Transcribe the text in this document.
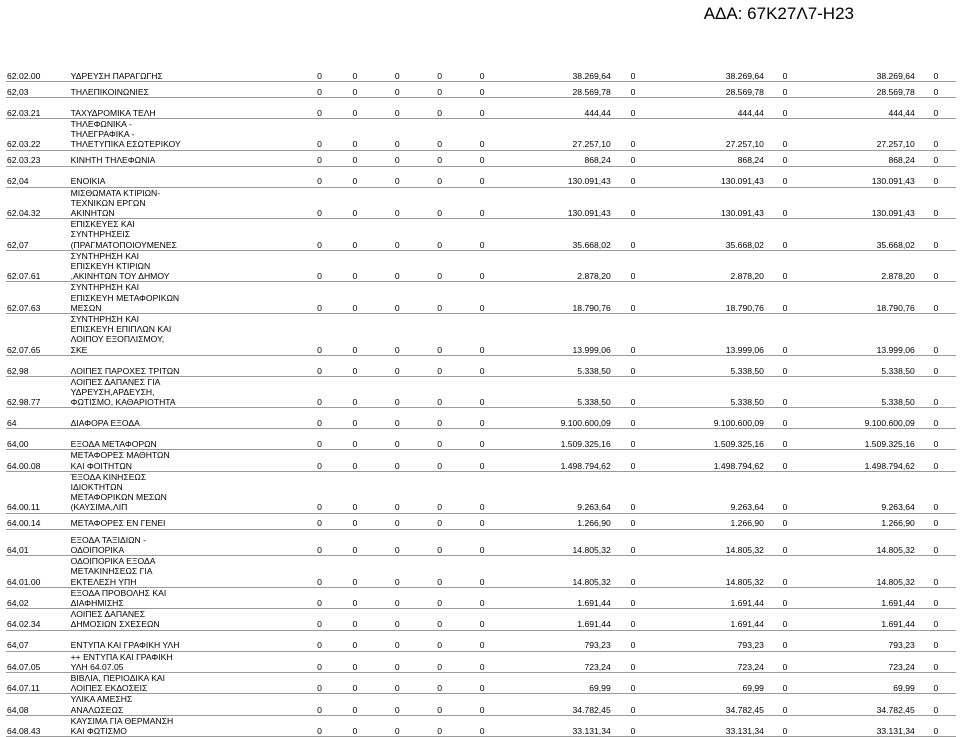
ΑΔΑ: 67Κ27Λ7-Η23
62.02.00	ΥΔΡΕΥΣΗ ΠΑΡΑΓΩΓΗΣ	0	0	0	0	0	38.269,64	0	38.269,64	0	38.269,64	0
62,03	ΤΗΛΕΠΙΚΟΙΝΩΝΙΕΣ	0	0	0	0	0	28.569,78	0	28.569,78	0	28.569,78	0

62.03.21	ΤΑΧΥΔΡΟΜΙΚΑ ΤΕΛΗ	0	0	0	0	0	444,44	0	444,44	0	444,44	0
62.03.22	ΤΗΛΕΦΩΝΙΚΑ -
ΤΗΛΕΓΡΑΦΙΚΑ -
ΤΗΛΕΤΥΠΙΚΑ ΕΣΩΤΕΡΙΚΟΥ	0	0	0	0	0	27.257,10	0	27.257,10	0	27.257,10	0
62.03.23	ΚΙΝΗΤΗ ΤΗΛΕΦΩΝΙΑ	0	0	0	0	0	868,24	0	868,24	0	868,24	0

62,04	ΕΝΟΙΚΙΑ	0	0	0	0	0	130.091,43	0	130.091,43	0	130.091,43	0
62.04.32	ΜΙΣΘΩΜΑΤΑ ΚΤΙΡΙΩΝ-
ΤΕΧΝΙΚΩΝ ΕΡΓΩΝ
ΑΚΙΝΗΤΩΝ	0	0	0	0	0	130.091,43	0	130.091,43	0	130.091,43	0
62,07	ΕΠΙΣΚΕΥΕΣ ΚΑΙ
ΣΥΝΤΗΡΗΣΕΙΣ
(ΠΡΑΓΜΑΤΟΠΟΙΟΥΜΕΝΕΣ	0	0	0	0	0	35.668,02	0	35.668,02	0	35.668,02	0
62.07.61	ΣΥΝΤΗΡΗΣΗ ΚΑΙ
ΕΠΙΣΚΕΥΗ ΚΤΙΡΙΩΝ
,ΑΚΙΝΗΤΩΝ ΤΟΥ ΔΗΜΟΥ	0	0	0	0	0	2.878,20	0	2.878,20	0	2.878,20	0
62.07.63	ΣΥΝΤΗΡΗΣΗ ΚΑΙ
ΕΠΙΣΚΕΥΗ ΜΕΤΑΦΟΡΙΚΩΝ
ΜΕΣΩΝ	0	0	0	0	0	18.790,76	0	18.790,76	0	18.790,76	0
62.07.65	ΣΥΝΤΗΡΗΣΗ ΚΑΙ
ΕΠΙΣΚΕΥΗ ΕΠΙΠΛΩΝ ΚΑΙ
ΛΟΙΠΟΥ ΕΞΟΠΛΙΣΜΟΥ,
ΣΚΕ	0	0	0	0	0	13.999,06	0	13.999,06	0	13.999,06	0

62,98	ΛΟΙΠΕΣ ΠΑΡΟΧΕΣ ΤΡΙΤΩΝ	0	0	0	0	0	5.338,50	0	5.338,50	0	5.338,50	0
62.98.77	ΛΟΙΠΕΣ ΔΑΠΑΝΕΣ ΓΙΑ
ΥΔΡΕΥΣΗ,ΑΡΔΕΥΣΗ,
ΦΩΤΙΣΜΟ, ΚΑΘΑΡΙΟΤΗΤΑ	0	0	0	0	0	5.338,50	0	5.338,50	0	5.338,50	0

64	ΔΙΑΦΟΡΑ ΕΞΟΔΑ	0	0	0	0	0	9.100.600,09	0	9.100.600,09	0	9.100.600,09	0

64,00	ΕΞΟΔΑ ΜΕΤΑΦΟΡΩΝ	0	0	0	0	0	1.509.325,16	0	1.509.325,16	0	1.509.325,16	0
64.00.08	ΜΕΤΑΦΟΡΕΣ ΜΑΘΗΤΩΝ
ΚΑΙ ΦΟΙΤΗΤΩΝ	0	0	0	0	0	1.498.794,62	0	1.498.794,62	0	1.498.794,62	0
64.00.11	ΈΞΟΔΑ ΚΙΝΗΣΕΩΣ
ΙΔΙΟΚΤΗΤΩΝ
ΜΕΤΑΦΟΡΙΚΩΝ ΜΕΣΩΝ
(ΚΑΥΣΙΜΑ,ΛΙΠ	0	0	0	0	0	9.263,64	0	9.263,64	0	9.263,64	0
64.00.14	ΜΕΤΑΦΟΡΕΣ ΕΝ ΓΕΝΕΙ	0	0	0	0	0	1.266,90	0	1.266,90	0	1.266,90	0

64,01	ΕΞΟΔΑ ΤΑΞΙΔΙΩΝ -
ΟΔΟΙΠΟΡΙΚΑ	0	0	0	0	0	14.805,32	0	14.805,32	0	14.805,32	0
64.01.00	ΟΔΟΙΠΟΡΙΚΑ ΕΞΟΔΑ
ΜΕΤΑΚΙΝΗΣΕΩΣ ΓΙΑ
ΕΚΤΕΛΕΣΗ ΥΠΗ	0	0	0	0	0	14.805,32	0	14.805,32	0	14.805,32	0
64,02	ΕΞΟΔΑ ΠΡΟΒΟΛΗΣ ΚΑΙ
ΔΙΑΦΗΜΙΣΗΣ	0	0	0	0	0	1.691,44	0	1.691,44	0	1.691,44	0
64.02.34	ΛΟΙΠΕΣ ΔΑΠΑΝΕΣ
ΔΗΜΟΣΙΩΝ ΣΧΕΣΕΩΝ	0	0	0	0	0	1.691,44	0	1.691,44	0	1.691,44	0

64,07	ΕΝΤΥΠΑ ΚΑΙ ΓΡΑΦΙΚΗ ΥΛΗ	0	0	0	0	0	793,23	0	793,23	0	793,23	0
64.07.05	++ ΕΝΤΥΠΑ ΚΑΙ ΓΡΑΦΙΚΗ
ΥΛΗ 64.07.05	0	0	0	0	0	723,24	0	723,24	0	723,24	0
64.07.11	ΒΙΒΛΙΑ, ΠΕΡΙΟΔΙΚΑ ΚΑΙ
ΛΟΙΠΕΣ ΕΚΔΟΣΕΙΣ	0	0	0	0	0	69,99	0	69,99	0	69,99	0
64,08	ΥΛΙΚΑ ΑΜΕΣΗΣ
ΑΝΑΛΩΣΕΩΣ	0	0	0	0	0	34.782,45	0	34.782,45	0	34.782,45	0
64.08.43	ΚΑΥΣΙΜΑ ΓΙΑ ΘΕΡΜΑΝΣΗ
ΚΑΙ ΦΩΤΙΣΜΟ	0	0	0	0	0	33.131,34	0	33.131,34	0	33.131,34	0
